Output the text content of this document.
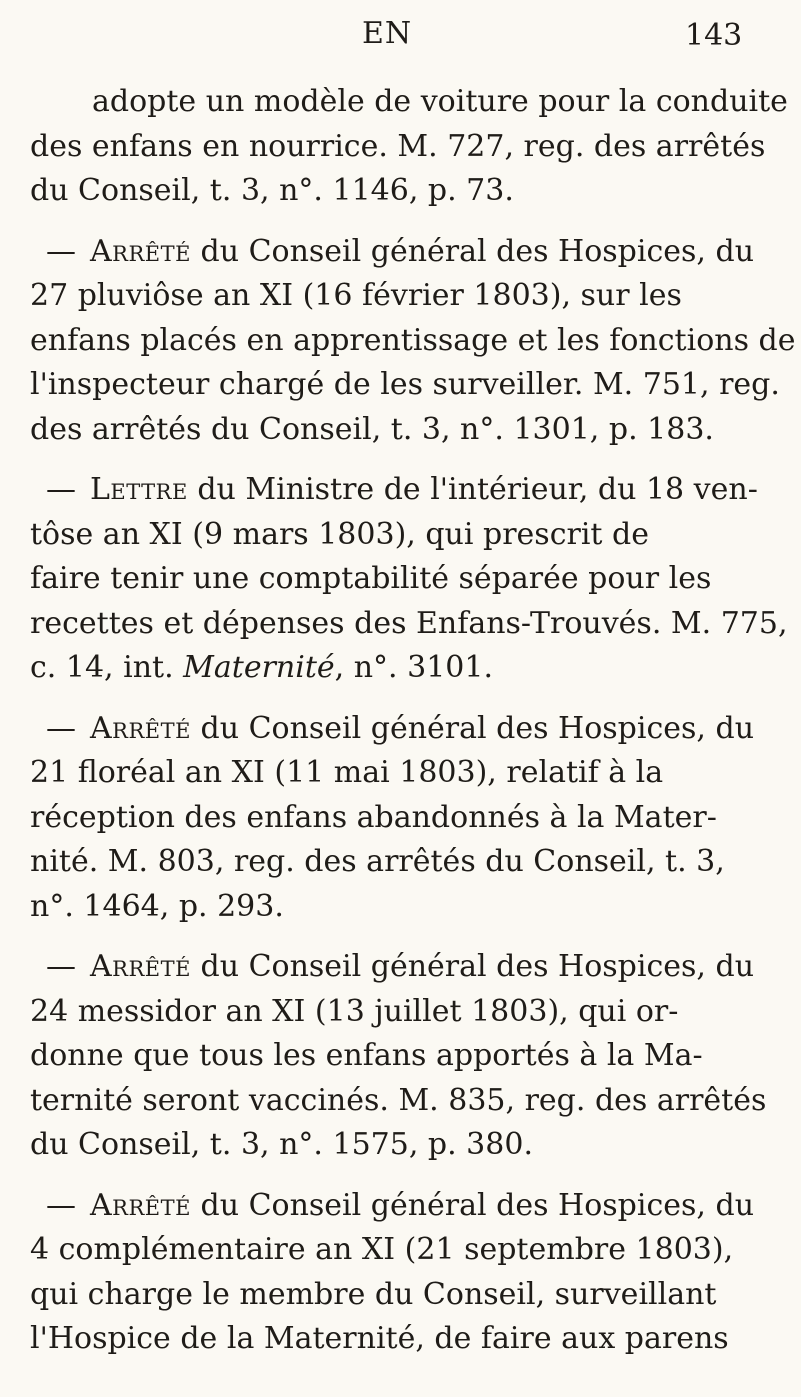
EN	143

adopte un modèle de voiture pour la conduite
des enfans en nourrice. M. 727, reg. des arrêtés
du Conseil, t. 3, n°. 1146, p. 73.

— Arrêté du Conseil général des Hospices, du
27 pluviôse an XI (16 février 1803), sur les
enfans placés en apprentissage et les fonctions de
l'inspecteur chargé de les surveiller. M. 751, reg.
des arrêtés du Conseil, t. 3, n°. 1301, p. 183.

— Lettre du Ministre de l'intérieur, du 18 ven-
tôse an XI (9 mars 1803), qui prescrit de
faire tenir une comptabilité séparée pour les
recettes et dépenses des Enfans-Trouvés. M. 775,
c. 14, int. Maternité, n°. 3101.

— Arrêté du Conseil général des Hospices, du
21 floréal an XI (11 mai 1803), relatif à la
réception des enfans abandonnés à la Mater-
nité. M. 803, reg. des arrêtés du Conseil, t. 3,
n°. 1464, p. 293.

— Arrêté du Conseil général des Hospices, du
24 messidor an XI (13 juillet 1803), qui or-
donne que tous les enfans apportés à la Ma-
ternité seront vaccinés. M. 835, reg. des arrêtés
du Conseil, t. 3, n°. 1575, p. 380.

— Arrêté du Conseil général des Hospices, du
4 complémentaire an XI (21 septembre 1803),
qui charge le membre du Conseil, surveillant
l'Hospice de la Maternité, de faire aux parens
